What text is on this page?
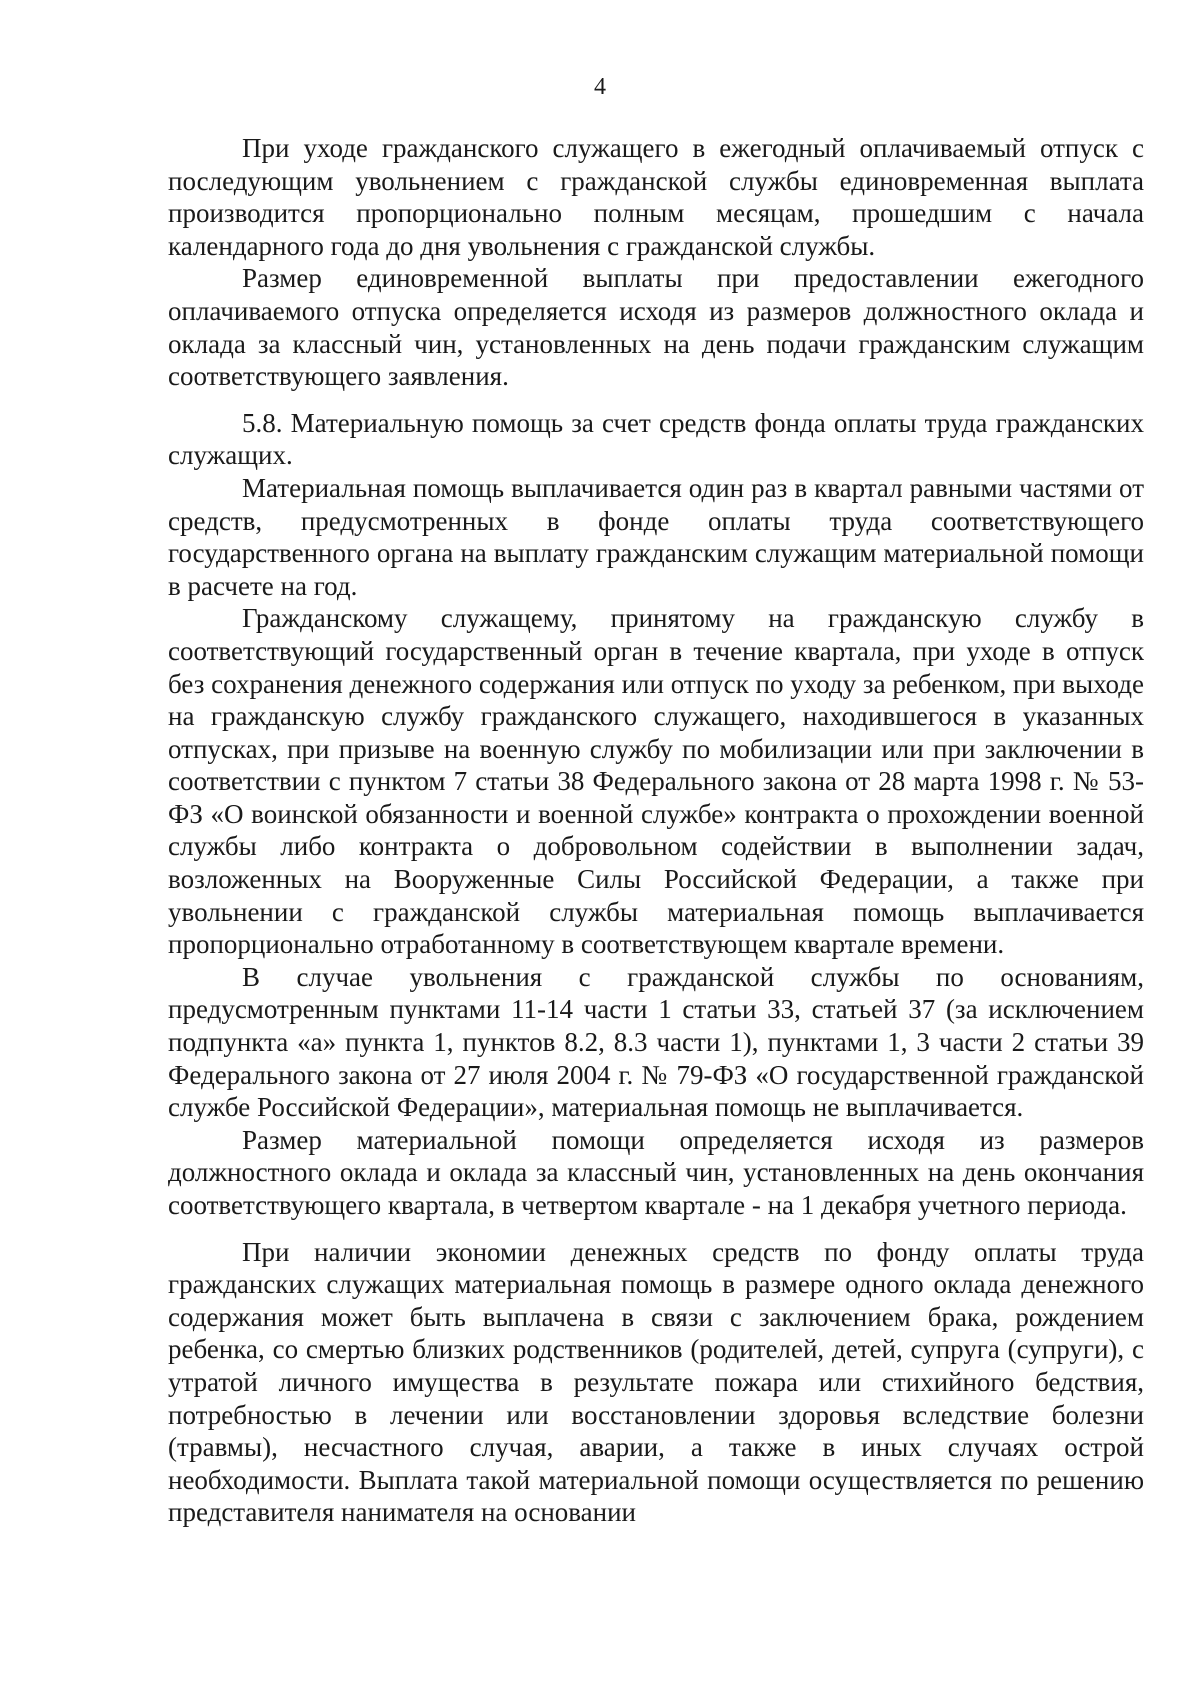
4

При уходе гражданского служащего в ежегодный оплачиваемый отпуск с последующим увольнением с гражданской службы единовременная выплата производится пропорционально полным месяцам, прошедшим с начала календарного года до дня увольнения с гражданской службы.

Размер единовременной выплаты при предоставлении ежегодного оплачиваемого отпуска определяется исходя из размеров должностного оклада и оклада за классный чин, установленных на день подачи гражданским служащим соответствующего заявления.

5.8. Материальную помощь за счет средств фонда оплаты труда гражданских служащих.

Материальная помощь выплачивается один раз в квартал равными частями от средств, предусмотренных в фонде оплаты труда соответствующего государственного органа на выплату гражданским служащим материальной помощи в расчете на год.

Гражданскому служащему, принятому на гражданскую службу в соответствующий государственный орган в течение квартала, при уходе в отпуск без сохранения денежного содержания или отпуск по уходу за ребенком, при выходе на гражданскую службу гражданского служащего, находившегося в указанных отпусках, при призыве на военную службу по мобилизации или при заключении в соответствии с пунктом 7 статьи 38 Федерального закона от 28 марта 1998 г. № 53-ФЗ «О воинской обязанности и военной службе» контракта о прохождении военной службы либо контракта о добровольном содействии в выполнении задач, возложенных на Вооруженные Силы Российской Федерации, а также при увольнении с гражданской службы материальная помощь выплачивается пропорционально отработанному в соответствующем квартале времени.

В случае увольнения с гражданской службы по основаниям, предусмотренным пунктами 11-14 части 1 статьи 33, статьей 37 (за исключением подпункта «а» пункта 1, пунктов 8.2, 8.3 части 1), пунктами 1, 3 части 2 статьи 39 Федерального закона от 27 июля 2004 г. № 79-ФЗ «О государственной гражданской службе Российской Федерации», материальная помощь не выплачивается.

Размер материальной помощи определяется исходя из размеров должностного оклада и оклада за классный чин, установленных на день окончания соответствующего квартала, в четвертом квартале - на 1 декабря учетного периода.

При наличии экономии денежных средств по фонду оплаты труда гражданских служащих материальная помощь в размере одного оклада денежного содержания может быть выплачена в связи с заключением брака, рождением ребенка, со смертью близких родственников (родителей, детей, супруга (супруги), с утратой личного имущества в результате пожара или стихийного бедствия, потребностью в лечении или восстановлении здоровья вследствие болезни (травмы), несчастного случая, аварии, а также в иных случаях острой необходимости. Выплата такой материальной помощи осуществляется по решению представителя нанимателя на основании
